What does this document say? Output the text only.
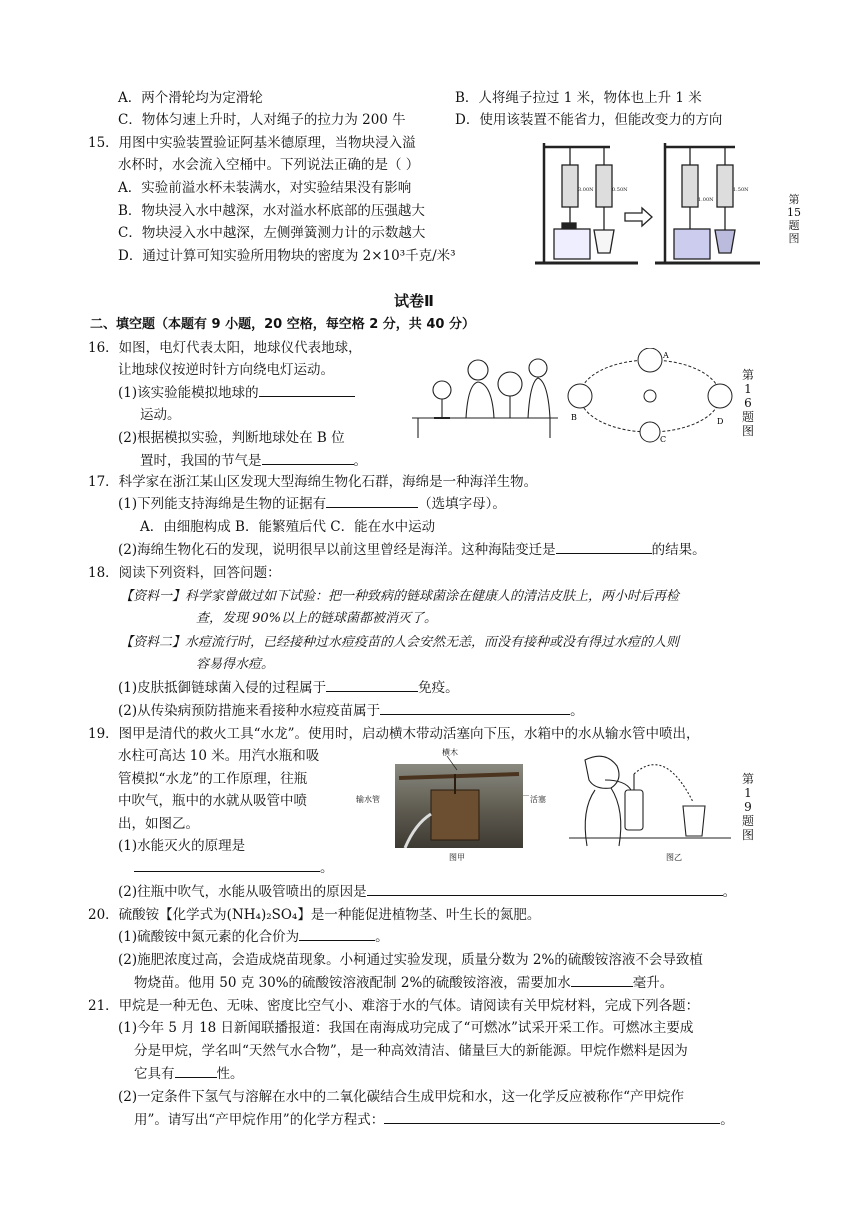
A．两个滑轮均为定滑轮	B．人将绳子拉过 1 米，物体也上升 1 米
C．物体匀速上升时，人对绳子的拉力为 200 牛	D．使用该装置不能省力，但能改变力的方向
15．用图中实验装置验证阿基米德原理，当物块浸入溢
水杯时，水会流入空桶中。下列说法正确的是（ ）
A．实验前溢水杯未装满水，对实验结果没有影响
B．物块浸入水中越深，水对溢水杯底部的压强越大
C．物块浸入水中越深，左侧弹簧测力计的示数越大
D．通过计算可知实验所用物块的密度为 2×10³千克/米³
3.00N	0.50N
1.00N
1.50N
第15题图
试卷Ⅱ
二、填空题（本题有 9 小题，20 空格，每空格 2 分，共 40 分）
16．如图，电灯代表太阳，地球仪代表地球，
让地球仪按逆时针方向绕电灯运动。
(1)该实验能模拟地球的
运动。
(2)根据模拟实验，判断地球处在 B 位
置时，我国的节气是	。
A
B
C
D
第16题图
17．科学家在浙江某山区发现大型海绵生物化石群，海绵是一种海洋生物。
(1)下列能支持海绵是生物的证据有	（选填字母）。
A．由细胞构成 B．能繁殖后代 C．能在水中运动
(2)海绵生物化石的发现，说明很早以前这里曾经是海洋。这种海陆变迁是	的结果。
18．阅读下列资料，回答问题：
【资料一】科学家曾做过如下试验：把一种致病的链球菌涂在健康人的清洁皮肤上，两小时后再检
查，发现 90%以上的链球菌都被消灭了。
【资料二】水痘流行时，已经接种过水痘疫苗的人会安然无恙，而没有接种或没有得过水痘的人则
容易得水痘。
(1)皮肤抵御链球菌入侵的过程属于	免疫。
(2)从传染病预防措施来看接种水痘疫苗属于	。
19．图甲是清代的救火工具“水龙”。使用时，启动横木带动活塞向下压，水箱中的水从输水管中喷出，
水柱可高达 10 米。用汽水瓶和吸
管模拟“水龙”的工作原理，往瓶
中吹气，瓶中的水就从吸管中喷
出，如图乙。
(1)水能灭火的原理是
。
(2)往瓶中吹气，水能从吸管喷出的原因是	。
横木
输水管	活塞
图甲	图乙
第19题图
20．硫酸铵【化学式为(NH₄)₂SO₄】是一种能促进植物茎、叶生长的氮肥。
(1)硫酸铵中氮元素的化合价为	。
(2)施肥浓度过高，会造成烧苗现象。小柯通过实验发现，质量分数为 2%的硫酸铵溶液不会导致植
物烧苗。他用 50 克 30%的硫酸铵溶液配制 2%的硫酸铵溶液，需要加水	毫升。
21．甲烷是一种无色、无味、密度比空气小、难溶于水的气体。请阅读有关甲烷材料，完成下列各题：
(1)今年 5 月 18 日新闻联播报道：我国在南海成功完成了“可燃冰”试采开采工作。可燃冰主要成
分是甲烷，学名叫“天然气水合物”，是一种高效清洁、储量巨大的新能源。甲烷作燃料是因为
它具有	性。
(2)一定条件下氢气与溶解在水中的二氧化碳结合生成甲烷和水，这一化学反应被称作“产甲烷作
用”。请写出“产甲烷作用”的化学方程式：	。
